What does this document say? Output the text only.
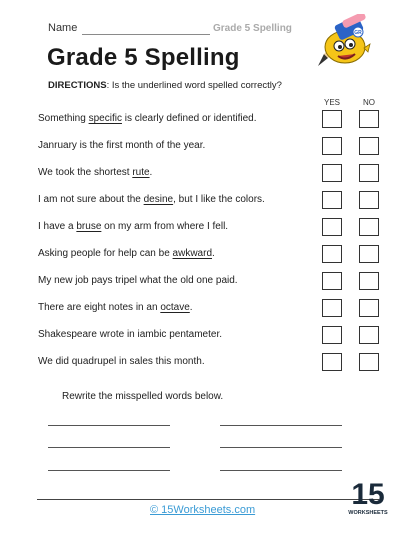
Name	Grade 5 Spelling
Grade 5 Spelling
DIRECTIONS: Is the underlined word spelled correctly?
GR
YES	NO
Something specific is clearly defined or identified.
Janruary is the first month of the year.
We took the shortest rute.
I am not sure about the desine, but I like the colors.
I have a bruse on my arm from where I fell.
Asking people for help can be awkward.
My new job pays tripel what the old one paid.
There are eight notes in an octave.
Shakespeare wrote in iambic pentameter.
We did quadrupel in sales this month.
Rewrite the misspelled words below.
© 15Worksheets.com	15
WORKSHEETS
